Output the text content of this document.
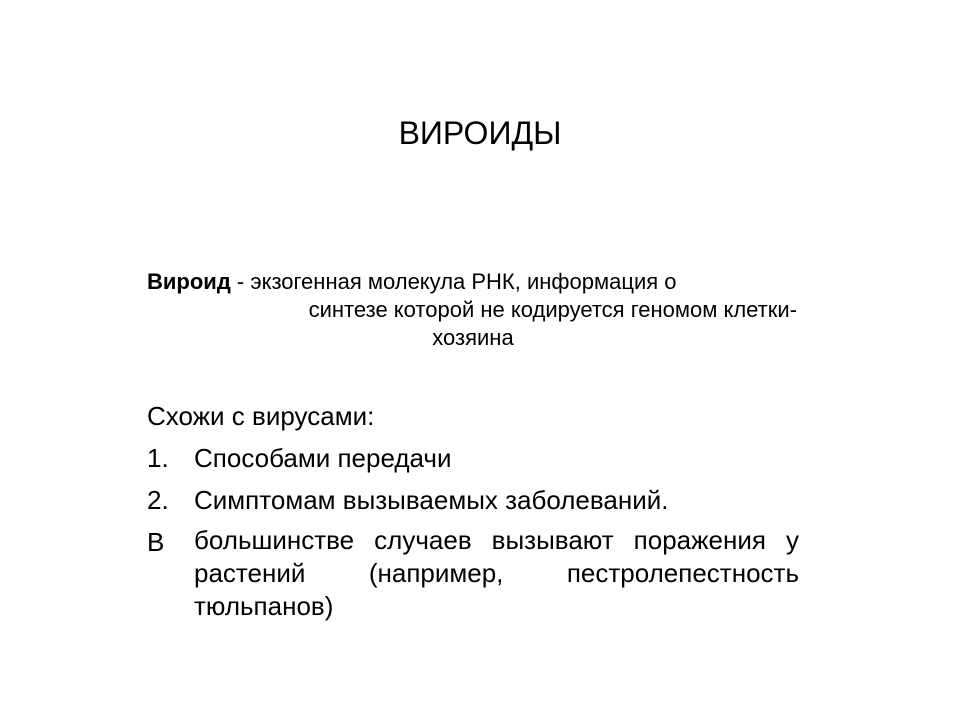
ВИРОИДЫ
Вироид - экзогенная молекула РНК, информация о
синтезе которой не кодируется геномом клетки-
хозяина
Схожи с вирусами:
1. Способами передачи
2. Симптомам вызываемых заболеваний.
В	большинстве случаев вызывают поражения у растений (например, пестролепестность тюльпанов)
